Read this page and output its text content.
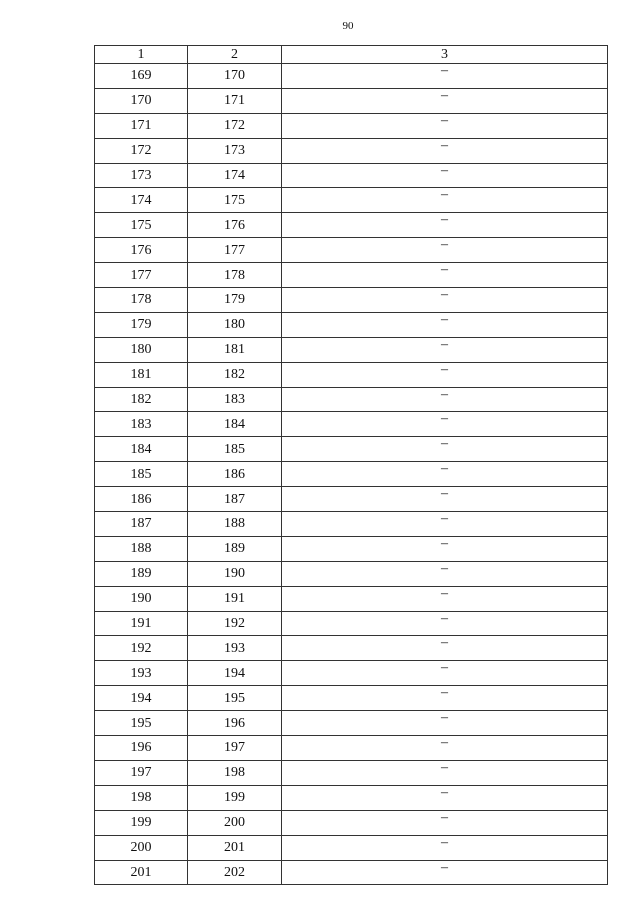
90
1	2	3
169	170	–
170	171	–
171	172	–
172	173	–
173	174	–
174	175	–
175	176	–
176	177	–
177	178	–
178	179	–
179	180	–
180	181	–
181	182	–
182	183	–
183	184	–
184	185	–
185	186	–
186	187	–
187	188	–
188	189	–
189	190	–
190	191	–
191	192	–
192	193	–
193	194	–
194	195	–
195	196	–
196	197	–
197	198	–
198	199	–
199	200	–
200	201	–
201	202	–
